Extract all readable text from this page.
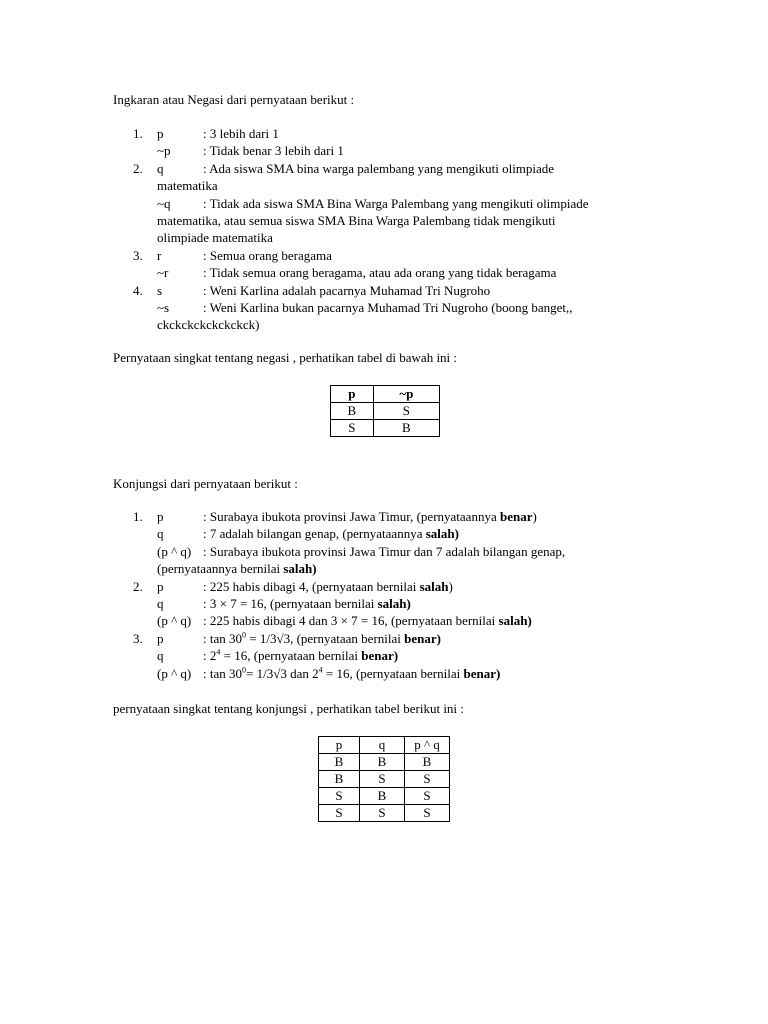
Ingkaran atau Negasi dari pernyataan berikut :
1.	p	: 3 lebih dari 1
~p : Tidak benar 3 lebih dari 1
2.	q	: Ada siswa SMA bina warga palembang yang mengikuti olimpiade
matematika
~q : Tidak ada siswa SMA Bina Warga Palembang yang mengikuti olimpiade
matematika, atau semua siswa SMA Bina Warga Palembang tidak mengikuti
olimpiade matematika
3.	r	: Semua orang beragama
~r	: Tidak semua orang beragama, atau ada orang yang tidak beragama
4.	s	: Weni Karlina adalah pacarnya Muhamad Tri Nugroho
~s	: Weni Karlina bukan pacarnya Muhamad Tri Nugroho (boong banget,,
ckckckckckckckck)
Pernyataan singkat tentang negasi , perhatikan tabel di bawah ini :
p	~p
B	S
S	B
Konjungsi dari pernyataan berikut :
1.	p	: Surabaya ibukota provinsi Jawa Timur, (pernyataannya benar)
q	: 7 adalah bilangan genap, (pernyataannya salah)
(p ^ q) : Surabaya ibukota provinsi Jawa Timur dan 7 adalah bilangan genap,
(pernyataannya bernilai salah)
2.	p	: 225 habis dibagi 4, (pernyataan bernilai salah)
q	: 3 × 7 = 16, (pernyataan bernilai salah)
(p ^ q) : 225 habis dibagi 4 dan 3 × 7 = 16, (pernyataan bernilai salah)
3.	p	: $\tan 30^0 = 1/3√3$, (pernyataan bernilai benar)
q	: $2^4 = 16$, (pernyataan bernilai benar)
(p ^ q) : $\tan 30^0= 1/3√3$ dan $2^4 = 16$, (pernyataan bernilai benar)
pernyataan singkat tentang konjungsi , perhatikan tabel berikut ini :
p	q	p ^ q
B	B	B
B	S	S
S	B	S
S	S	S
